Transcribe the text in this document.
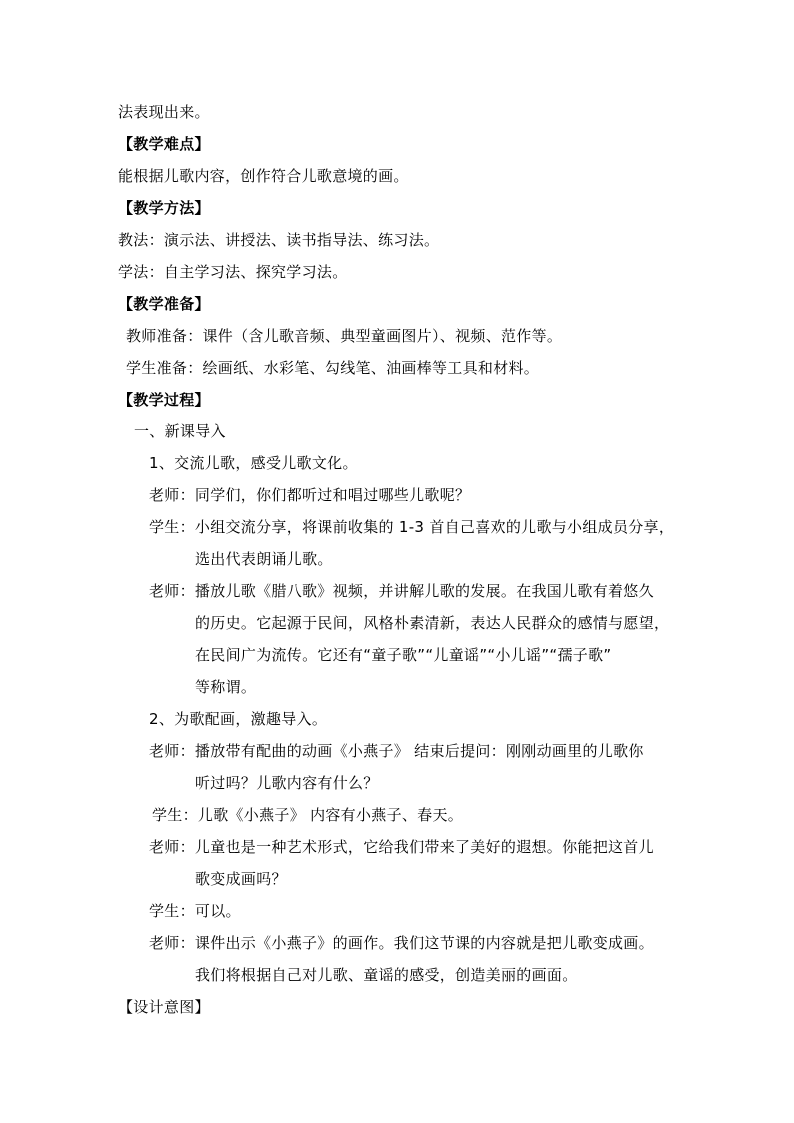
法表现出来。
【教学难点】
能根据儿歌内容，创作符合儿歌意境的画。
【教学方法】
教法：演示法、讲授法、读书指导法、练习法。
学法：自主学习法、探究学习法。
【教学准备】
教师准备：课件（含儿歌音频、典型童画图片）、视频、范作等。
学生准备：绘画纸、水彩笔、勾线笔、油画棒等工具和材料。
【教学过程】
一、新课导入
1、交流儿歌，感受儿歌文化。
老师：同学们，你们都听过和唱过哪些儿歌呢？
学生：小组交流分享，将课前收集的 1-3 首自己喜欢的儿歌与小组成员分享，
选出代表朗诵儿歌。
老师：播放儿歌《腊八歌》视频，并讲解儿歌的发展。在我国儿歌有着悠久
的历史。它起源于民间，风格朴素清新，表达人民群众的感情与愿望，
在民间广为流传。它还有“童子歌”“儿童谣”“小儿谣”“孺子歌”
等称谓。
2、为歌配画，激趣导入。
老师：播放带有配曲的动画《小燕子》 结束后提问：刚刚动画里的儿歌你
听过吗？儿歌内容有什么？
学生：儿歌《小燕子》 内容有小燕子、春天。
老师：儿童也是一种艺术形式，它给我们带来了美好的遐想。你能把这首儿
歌变成画吗？
学生：可以。
老师：课件出示《小燕子》的画作。我们这节课的内容就是把儿歌变成画。
我们将根据自己对儿歌、童谣的感受，创造美丽的画面。
【设计意图】
